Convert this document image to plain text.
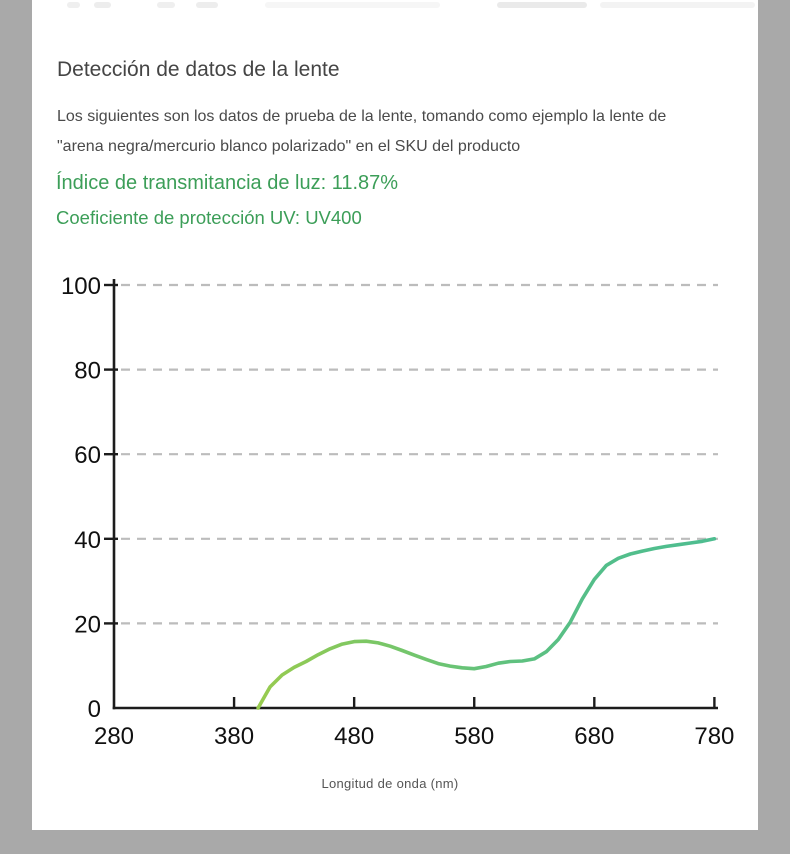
Detección de datos de la lente
Los siguientes son los datos de prueba de la lente, tomando como ejemplo la lente de
"arena negra/mercurio blanco polarizado" en el SKU del producto
Índice de transmitancia de luz: 11.87%
Coeficiente de protección UV: UV400
0
20
40
60
80
100
280	380	480	580	680	780
Longitud de onda (nm)
